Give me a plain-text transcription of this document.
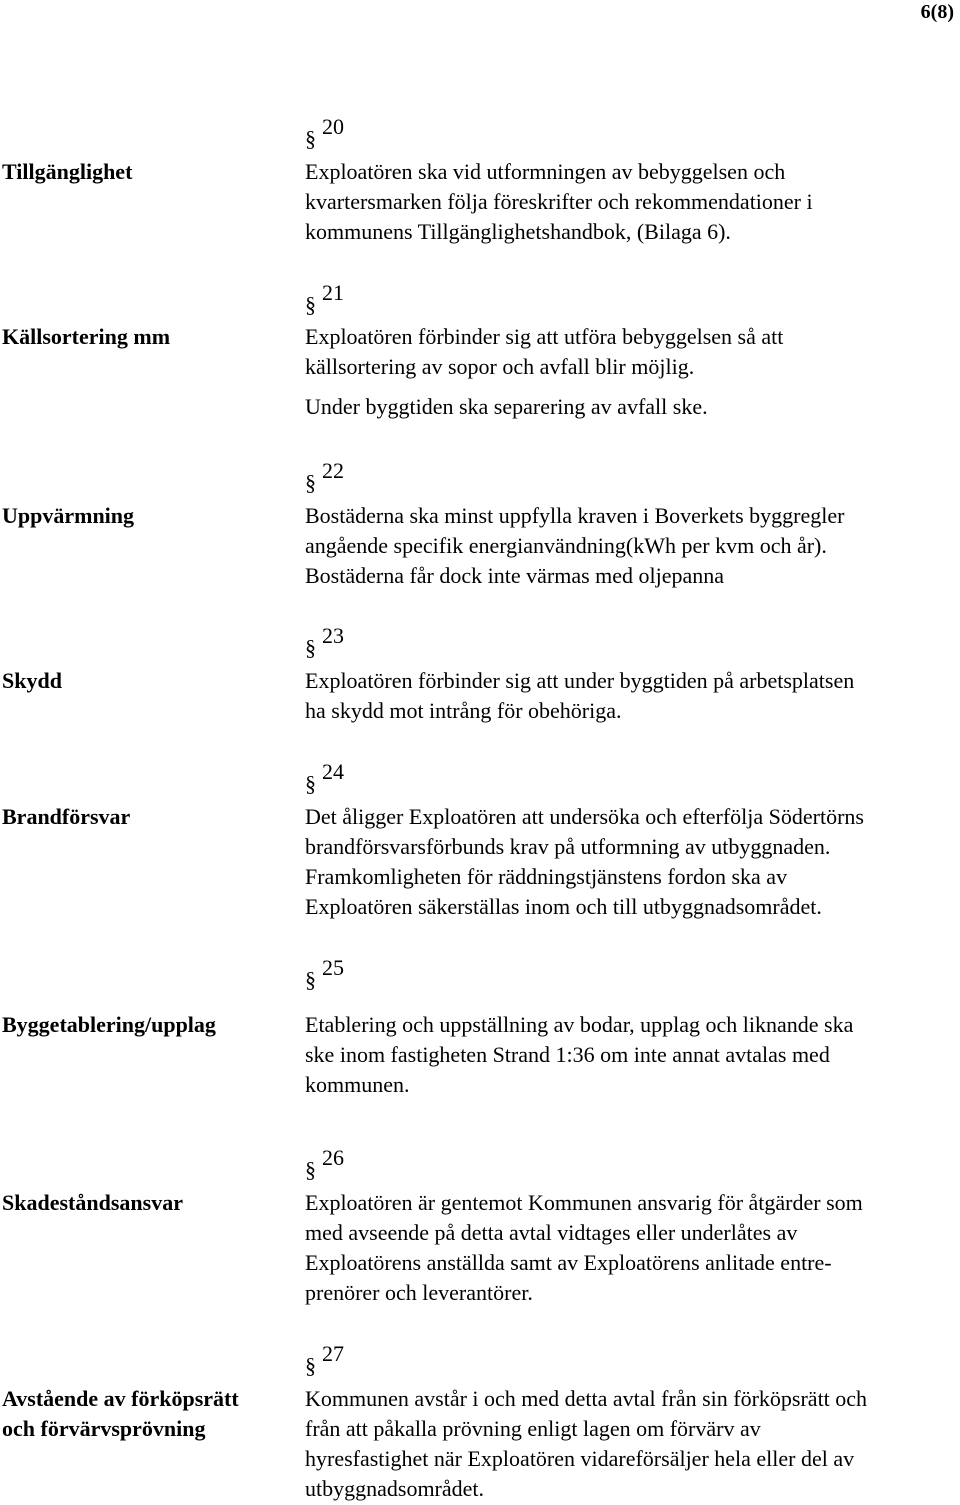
6(8)
§ 20
Tillgänglighet	Exploatören ska vid utformningen av bebyggelsen och
kvartersmarken följa föreskrifter och rekommendationer i
kommunens Tillgänglighetshandbok, (Bilaga 6).
§ 21
Källsortering mm	Exploatören förbinder sig att utföra bebyggelsen så att
källsortering av sopor och avfall blir möjlig.
Under byggtiden ska separering av avfall ske.
§ 22
Uppvärmning	Bostäderna ska minst uppfylla kraven i Boverkets byggregler
angående specifik energianvändning(kWh per kvm och år).
Bostäderna får dock inte värmas med oljepanna
§ 23
Skydd	Exploatören förbinder sig att under byggtiden på arbetsplatsen
ha skydd mot intrång för obehöriga.
§ 24
Brandförsvar	Det åligger Exploatören att undersöka och efterfölja Södertörns
brandförsvarsförbunds krav på utformning av utbyggnaden.
Framkomligheten för räddningstjänstens fordon ska av
Exploatören säkerställas inom och till utbyggnadsområdet.
§ 25
Byggetablering/upplag	Etablering och uppställning av bodar, upplag och liknande ska
ske inom fastigheten Strand 1:36 om inte annat avtalas med
kommunen.
§ 26
Skadeståndsansvar	Exploatören är gentemot Kommunen ansvarig för åtgärder som
med avseende på detta avtal vidtages eller underlåtes av
Exploatörens anställda samt av Exploatörens anlitade entre-
prenörer och leverantörer.
§ 27
Avstående av förköpsrätt
och förvärvsprövning
Kommunen avstår i och med detta avtal från sin förköpsrätt och
från att påkalla prövning enligt lagen om förvärv av
hyresfastighet när Exploatören vidareförsäljer hela eller del av
utbyggnadsområdet.
